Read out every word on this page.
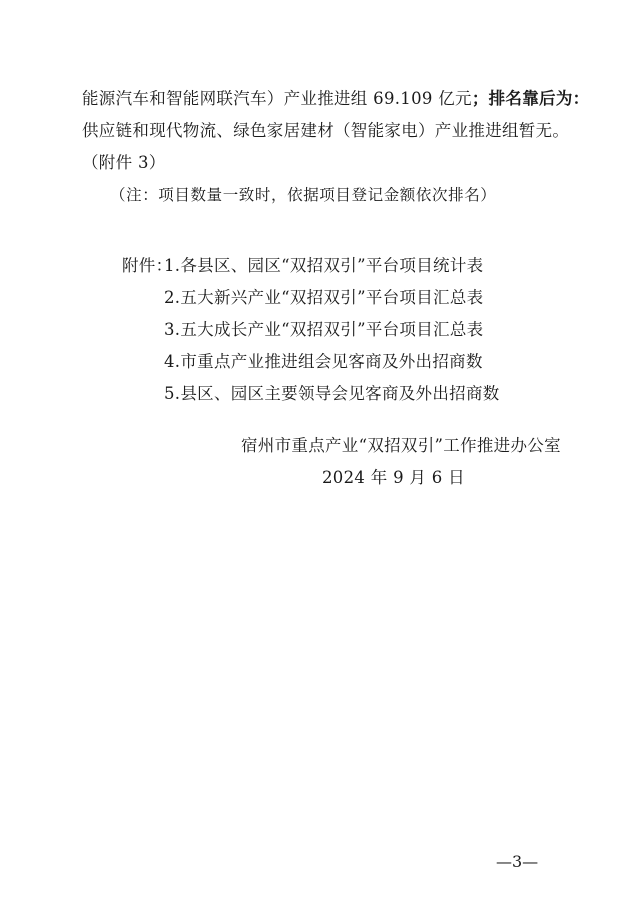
能源汽车和智能网联汽车）产业推进组 69.109 亿元；排名靠后为：
供应链和现代物流、绿色家居建材（智能家电）产业推进组暂无。
（附件 3）
（注：项目数量一致时，依据项目登记金额依次排名）
附件：
1.各县区、园区“双招双引”平台项目统计表
2.五大新兴产业“双招双引”平台项目汇总表
3.五大成长产业“双招双引”平台项目汇总表
4.市重点产业推进组会见客商及外出招商数
5.县区、园区主要领导会见客商及外出招商数
宿州市重点产业“双招双引”工作推进办公室
2024 年 9 月 6 日
—3—
